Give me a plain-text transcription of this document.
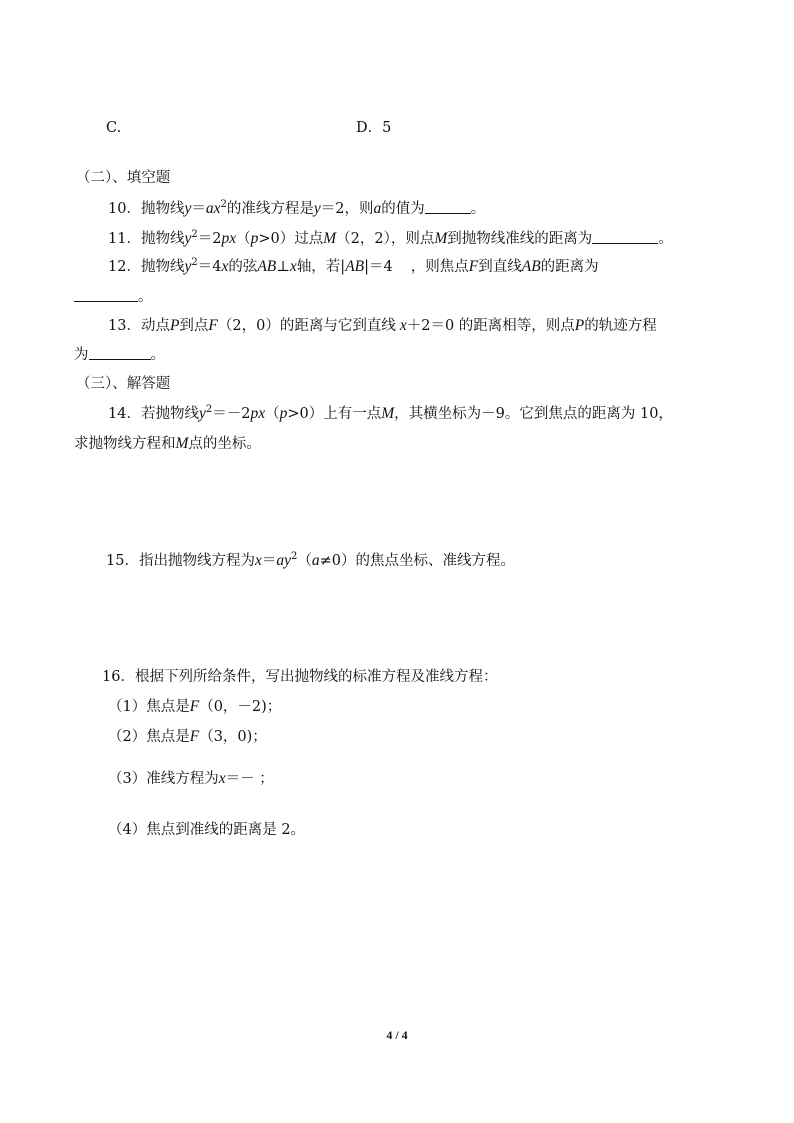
C.	D．5
（二）、填空题
10．抛物线$y=ax^2$的准线方程是y＝2，则a的值为	。
11．抛物线$y^2=2px(p>0)$过点M（2，2），则点M到抛物线准线的距离为	。
12．抛物线$y^2=4x$的弦AB⊥x轴，若|AB|＝4 ，则焦点F到直线AB的距离为
。
13．动点P到点F（2，0）的距离与它到直线 x＋2＝0 的距离相等，则点P的轨迹方程
为	。
（三）、解答题
14．若抛物线$y^2=-2px(p>0)$上有一点M，其横坐标为－9。它到焦点的距离为 10，
求抛物线方程和M点的坐标。
15．指出抛物线方程为$x=ay^2(a\ne 0)$的焦点坐标、准线方程。
16．根据下列所给条件，写出抛物线的标准方程及准线方程：
（1）焦点是F（0，－2)；
（2）焦点是F（3，0)；
（3）准线方程为x＝－ ；
（4）焦点到准线的距离是 2。
4 / 4
